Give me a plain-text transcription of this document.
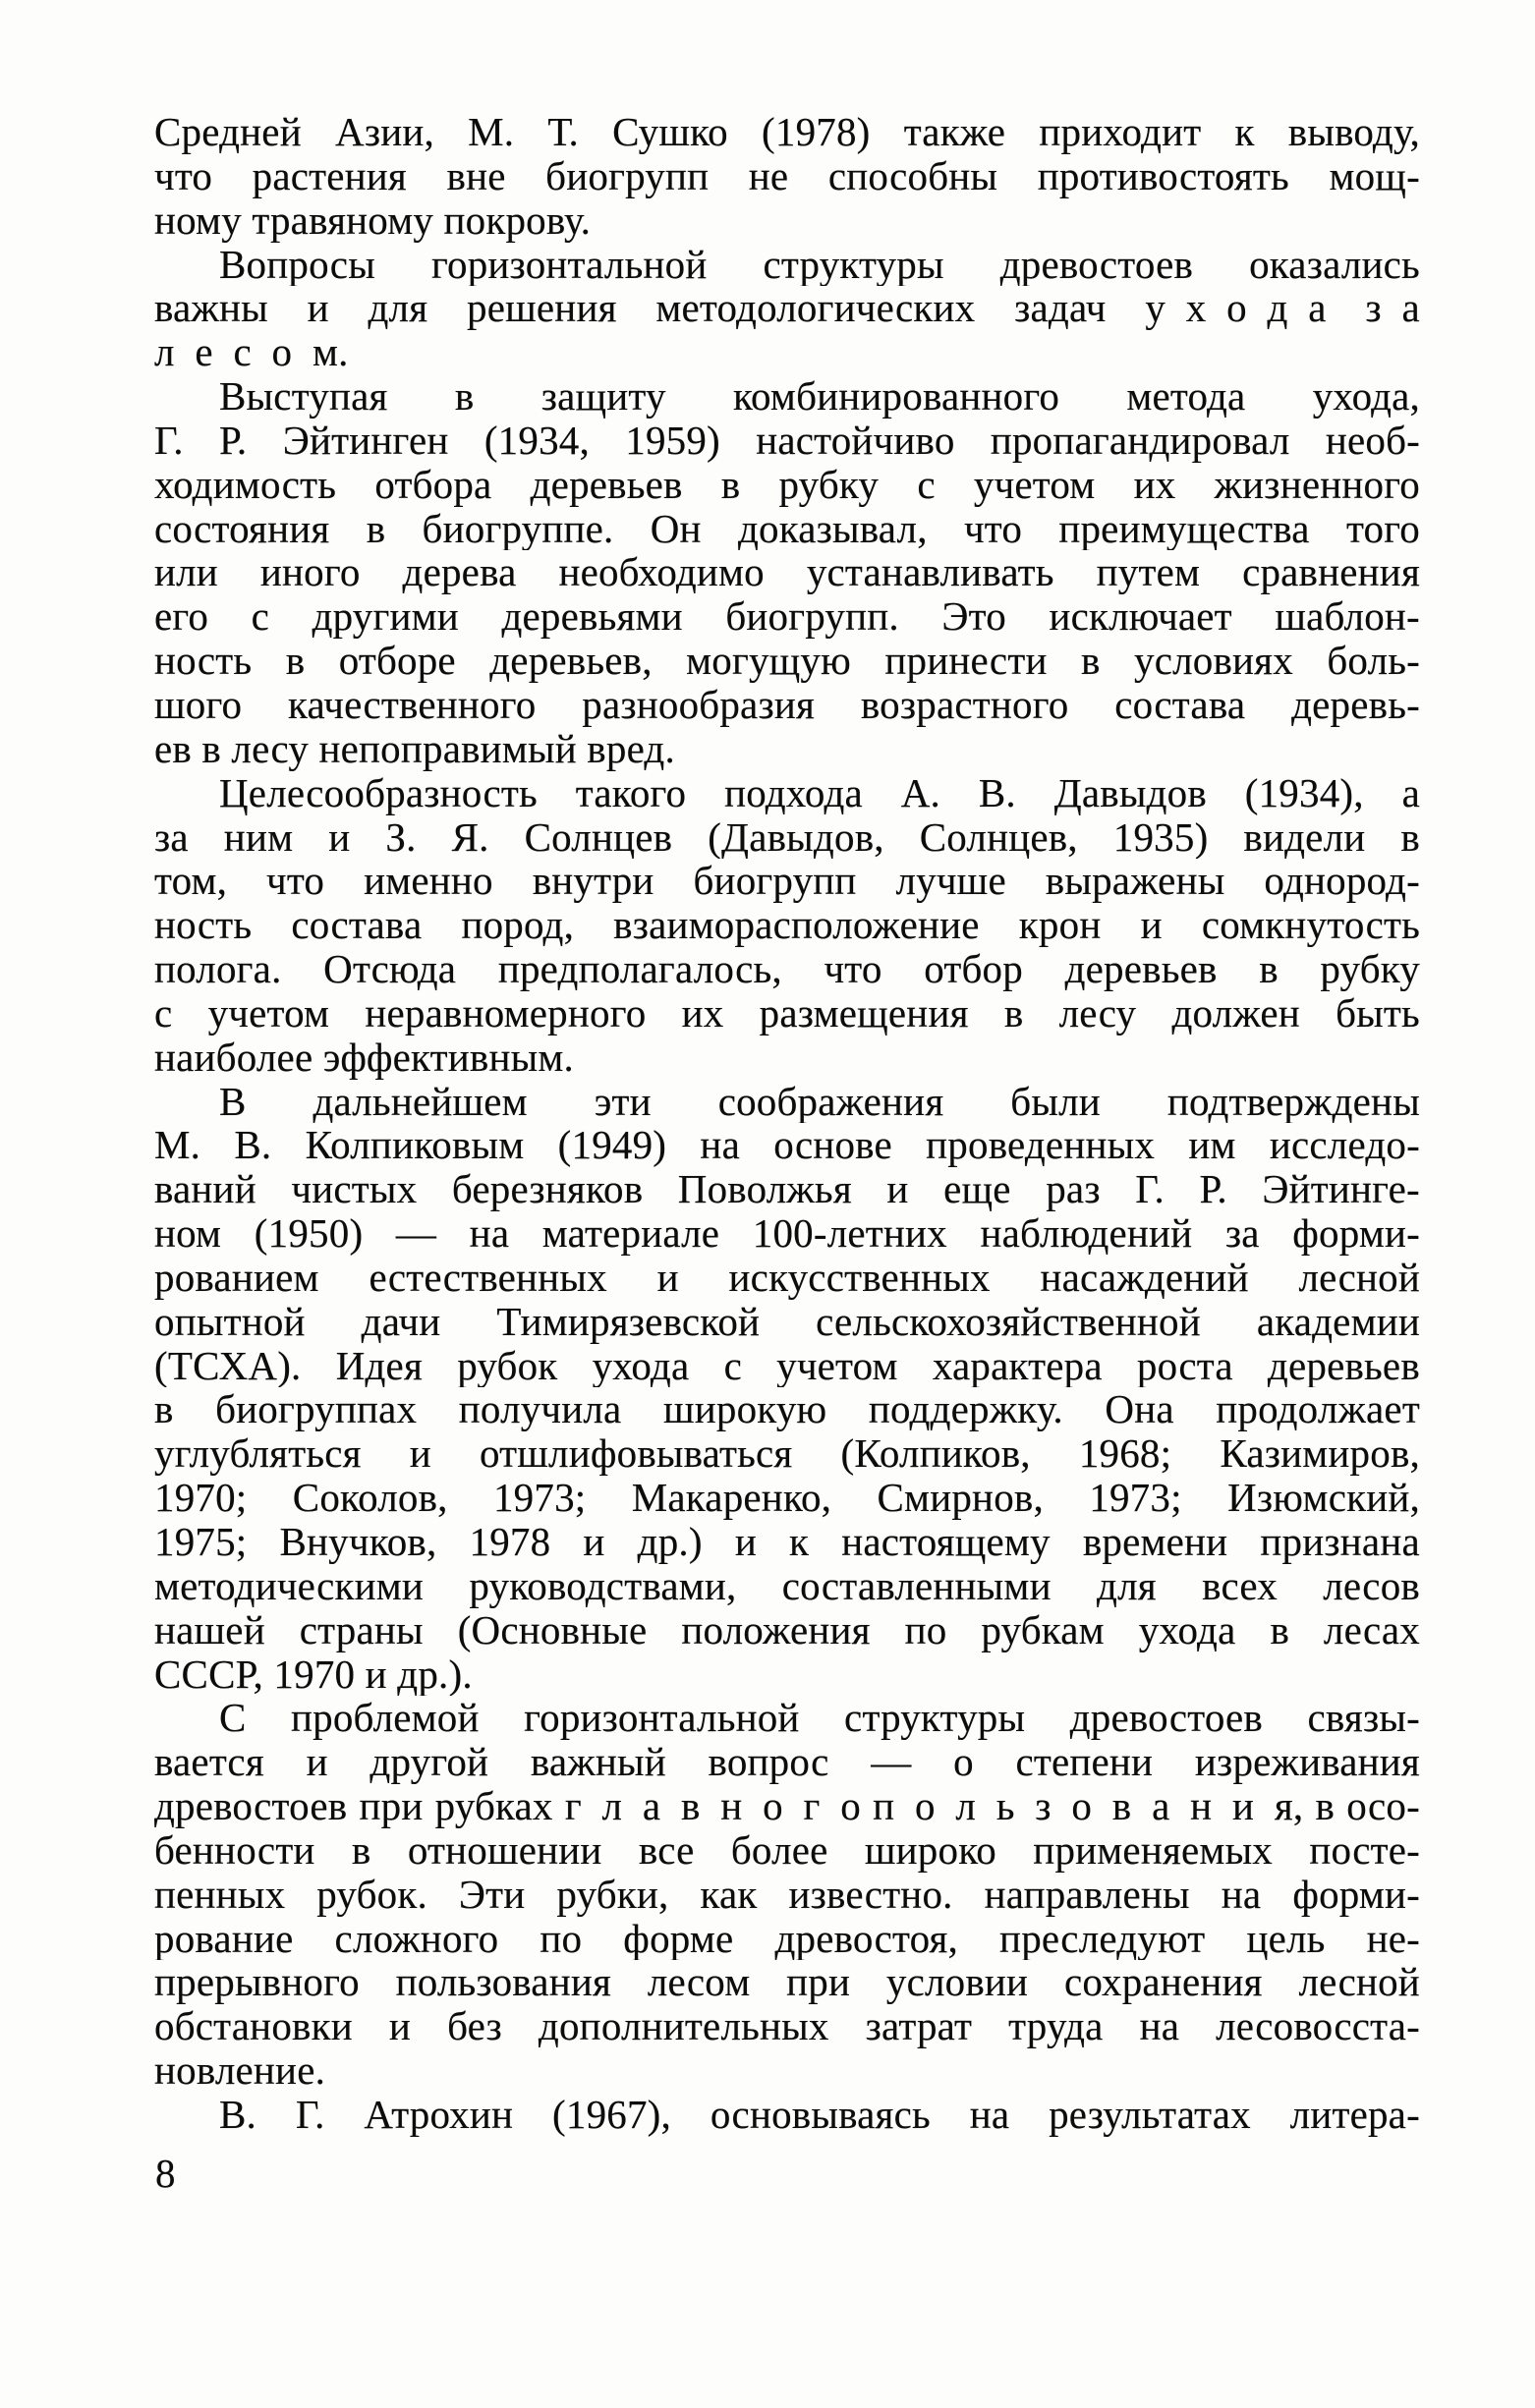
Средней Азии, М. Т. Сушко (1978) также приходит к выводу,
что растения вне биогрупп не способны противостоять мощ-
ному травяному покрову.
Вопросы горизонтальной структуры древостоев оказались
важны и для решения методологических задач у х о д а з а
л е с о м.
Выступая в защиту комбинированного метода ухода,
Г. Р. Эйтинген (1934, 1959) настойчиво пропагандировал необ-
ходимость отбора деревьев в рубку с учетом их жизненного
состояния в биогруппе. Он доказывал, что преимущества того
или иного дерева необходимо устанавливать путем сравнения
его с другими деревьями биогрупп. Это исключает шаблон-
ность в отборе деревьев, могущую принести в условиях боль-
шого качественного разнообразия возрастного состава деревь-
ев в лесу непоправимый вред.
Целесообразность такого подхода А. В. Давыдов (1934), а
за ним и З. Я. Солнцев (Давыдов, Солнцев, 1935) видели в
том, что именно внутри биогрупп лучше выражены однород-
ность состава пород, взаиморасположение крон и сомкнутость
полога. Отсюда предполагалось, что отбор деревьев в рубку
с учетом неравномерного их размещения в лесу должен быть
наиболее эффективным.
В дальнейшем эти соображения были подтверждены
М. В. Колпиковым (1949) на основе проведенных им исследо-
ваний чистых березняков Поволжья и еще раз Г. Р. Эйтинге-
ном (1950) — на материале 100-летних наблюдений за форми-
рованием естественных и искусственных насаждений лесной
опытной дачи Тимирязевской сельскохозяйственной академии
(ТСХА). Идея рубок ухода с учетом характера роста деревьев
в биогруппах получила широкую поддержку. Она продолжает
углубляться и отшлифовываться (Колпиков, 1968; Казимиров,
1970; Соколов, 1973; Макаренко, Смирнов, 1973; Изюмский,
1975; Внучков, 1978 и др.) и к настоящему времени признана
методическими руководствами, составленными для всех лесов
нашей страны (Основные положения по рубкам ухода в лесах
СССР, 1970 и др.).
С проблемой горизонтальной структуры древостоев связы-
вается и другой важный вопрос — о степени изреживания
древостоев при рубках г л а в н о г о п о л ь з о в а н и я, в осо-
бенности в отношении все более широко применяемых посте-
пенных рубок. Эти рубки, как известно. направлены на форми-
рование сложного по форме древостоя, преследуют цель не-
прерывного пользования лесом при условии сохранения лесной
обстановки и без дополнительных затрат труда на лесовосста-
новление.
В. Г. Атрохин (1967), основываясь на результатах литера-
8
